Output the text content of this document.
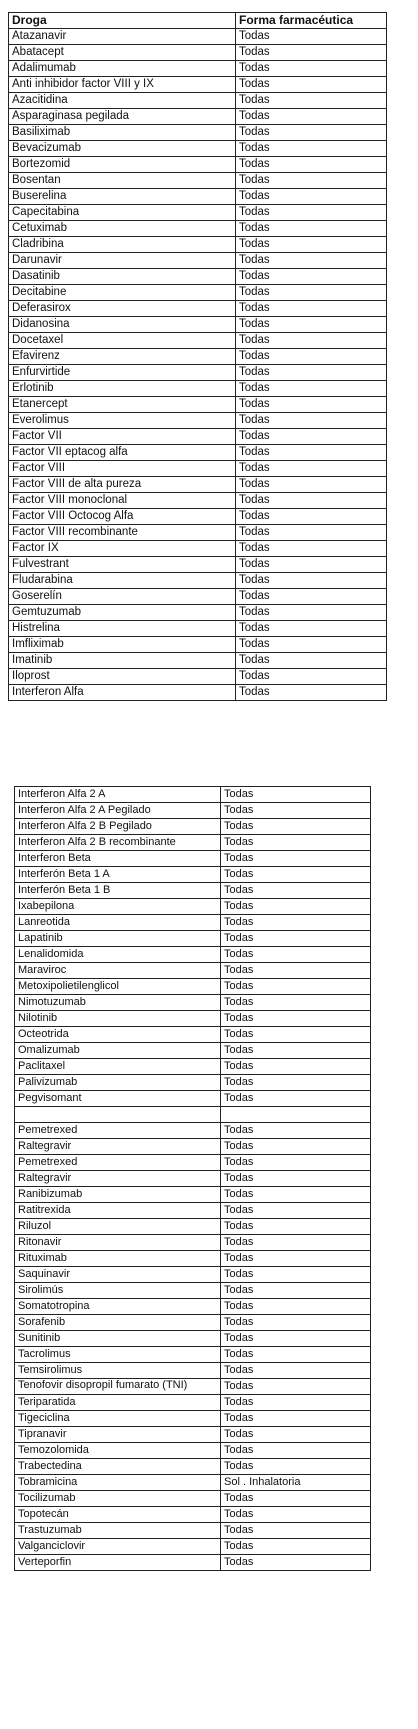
Droga	Forma farmacéutica
Atazanavir	Todas
Abatacept	Todas
Adalimumab	Todas
Anti inhibidor factor VIII y IX	Todas
Azacitidina	Todas
Asparaginasa pegilada	Todas
Basiliximab	Todas
Bevacizumab	Todas
Bortezomid	Todas
Bosentan	Todas
Buserelina	Todas
Capecitabina	Todas
Cetuximab	Todas
Cladribina	Todas
Darunavir	Todas
Dasatinib	Todas
Decitabine	Todas
Deferasirox	Todas
Didanosina	Todas
Docetaxel	Todas
Efavirenz	Todas
Enfurvirtide	Todas
Erlotinib	Todas
Etanercept	Todas
Everolimus	Todas
Factor VII	Todas
Factor VII eptacog alfa	Todas
Factor VIII	Todas
Factor VIII de alta pureza	Todas
Factor VIII monoclonal	Todas
Factor VIII Octocog Alfa	Todas
Factor VIII recombinante	Todas
Factor IX	Todas
Fulvestrant	Todas
Fludarabina	Todas
Goserelín	Todas
Gemtuzumab	Todas
Histrelina	Todas
Imfliximab	Todas
Imatinib	Todas
Iloprost	Todas
Interferon Alfa	Todas
Interferon Alfa 2 A	Todas
Interferon Alfa 2 A Pegilado	Todas
Interferon Alfa 2 B Pegilado	Todas
Interferon Alfa 2 B recombinante	Todas
Interferon Beta	Todas
Interferón Beta 1 A	Todas
Interferón Beta 1 B	Todas
Ixabepilona	Todas
Lanreotida	Todas
Lapatinib	Todas
Lenalidomida	Todas
Maraviroc	Todas
Metoxipolietilenglicol	Todas
Nimotuzumab	Todas
Nilotinib	Todas
Octeotrida	Todas
Omalizumab	Todas
Paclitaxel	Todas
Palivizumab	Todas
Pegvisomant	Todas

Pemetrexed	Todas
Raltegravir	Todas
Pemetrexed	Todas
Raltegravir	Todas
Ranibizumab	Todas
Ratitrexida	Todas
Riluzol	Todas
Ritonavir	Todas
Rituximab	Todas
Saquinavir	Todas
Sirolimús	Todas
Somatotropina	Todas
Sorafenib	Todas
Sunitinib	Todas
Tacrolimus	Todas
Temsirolimus	Todas
Tenofovir disopropil fumarato (TNI)	Todas
Teriparatida	Todas
Tigeciclina	Todas
Tipranavir	Todas
Temozolomida	Todas
Trabectedina	Todas
Tobramicina	Sol . Inhalatoria
Tocilizumab	Todas
Topotecán	Todas
Trastuzumab	Todas
Valganciclovir	Todas
Verteporfin	Todas
